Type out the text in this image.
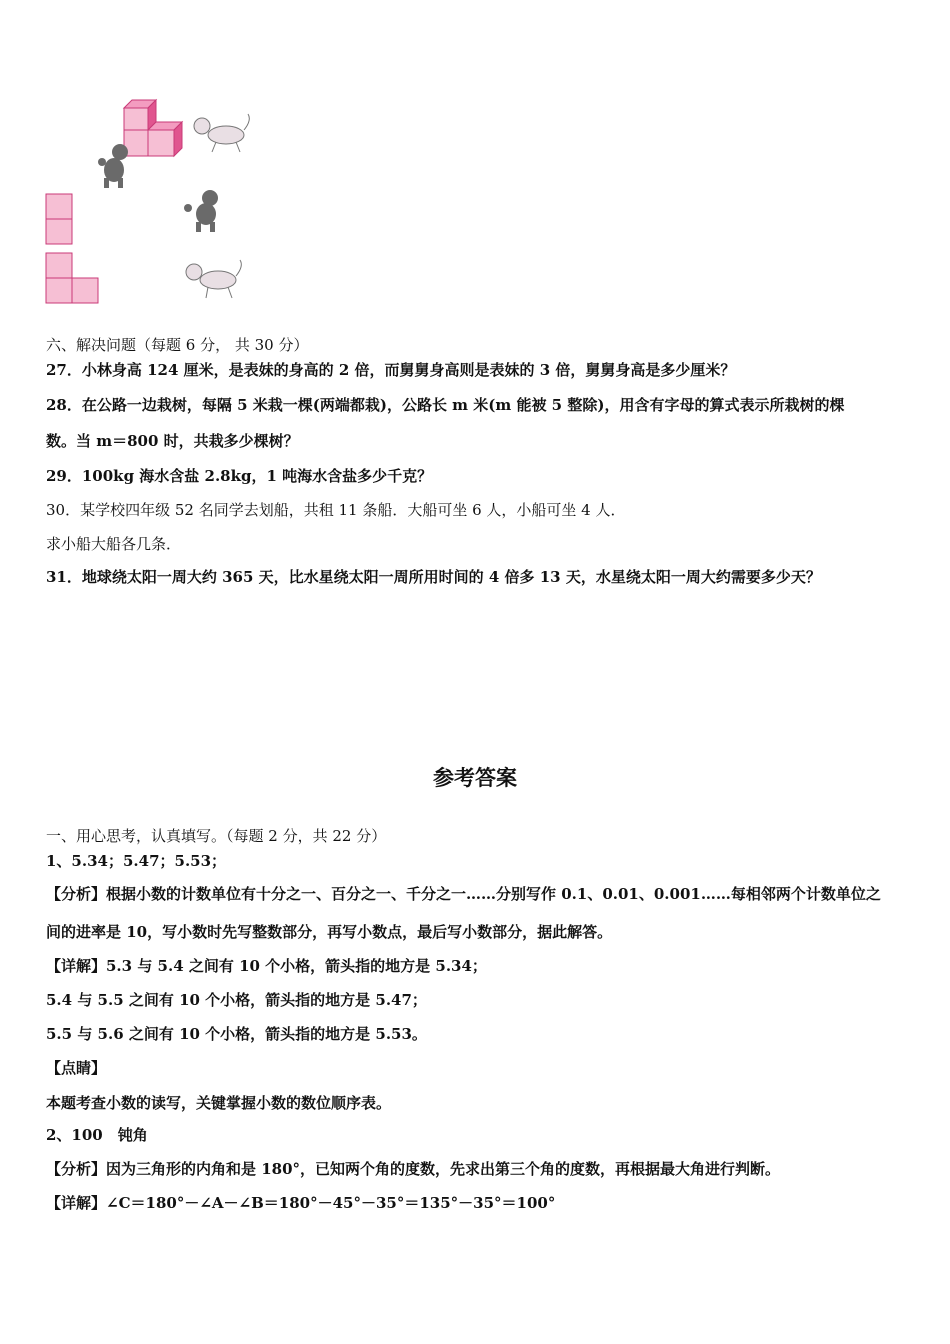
六、解决问题（每题 6 分， 共 30 分）
27．小林身高 124 厘米，是表妹的身高的 2 倍，而舅舅身高则是表妹的 3 倍，舅舅身高是多少厘米？
28．在公路一边栽树，每隔 5 米栽一棵(两端都栽)，公路长 m 米(m 能被 5 整除)，用含有字母的算式表示所栽树的棵
数。当 m＝800 时，共栽多少棵树？
29．100kg 海水含盐 2.8kg，1 吨海水含盐多少千克？
30．某学校四年级 52 名同学去划船，共租 11 条船．大船可坐 6 人，小船可坐 4 人．
求小船大船各几条．
31．地球绕太阳一周大约 365 天，比水星绕太阳一周所用时间的 4 倍多 13 天，水星绕太阳一周大约需要多少天？
参考答案
一、用心思考，认真填写。（每题 2 分，共 22 分）
1、5.34；5.47；5.53；
【分析】根据小数的计数单位有十分之一、百分之一、千分之一……分别写作 0.1、0.01、0.001……每相邻两个计数单位之
间的进率是 10，写小数时先写整数部分，再写小数点，最后写小数部分，据此解答。
【详解】5.3 与 5.4 之间有 10 个小格，箭头指的地方是 5.34；
5.4 与 5.5 之间有 10 个小格，箭头指的地方是 5.47；
5.5 与 5.6 之间有 10 个小格，箭头指的地方是 5.53。
【点睛】
本题考查小数的读写，关键掌握小数的数位顺序表。
2、100　钝角
【分析】因为三角形的内角和是 180°，已知两个角的度数，先求出第三个角的度数，再根据最大角进行判断。
【详解】∠C＝180°－∠A－∠B＝180°－45°－35°＝135°－35°＝100°
